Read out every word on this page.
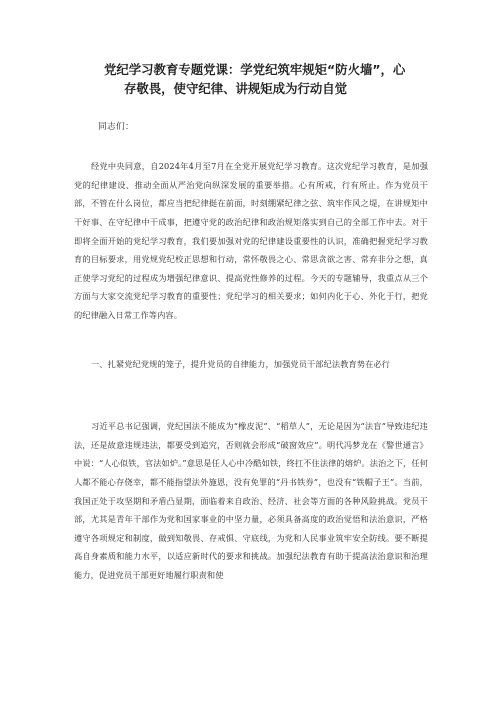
党纪学习教育专题党课：学党纪筑牢规矩“防火墙”，心
存敬畏，使守纪律、讲规矩成为行动自觉
同志们：

经党中央同意，自2024年4月至7月在全党开展党纪学习教育。这次党纪学习教育，是加强党的纪律建设、推动全面从严治党向纵深发展的重要举措。心有所戒，行有所止。作为党员干部，不管在什么岗位，都应当把纪律挺在前面，时刻绷紧纪律之弦、筑牢作风之堤，在讲规矩中干好事、在守纪律中干成事，把遵守党的政治纪律和政治规矩落实到自己的全部工作中去。对于即将全面开始的党纪学习教育，我们要加强对党的纪律建设重要性的认识，准确把握党纪学习教育的目标要求，用党规党纪校正思想和行动，常怀敬畏之心、常思贪欲之害、常弃非分之想，真正使学习党纪的过程成为增强纪律意识、提高党性修养的过程。今天的专题辅导，我重点从三个方面与大家交流党纪学习教育的重要性；党纪学习的相关要求；如何内化于心、外化于行，把党的纪律融入日常工作等内容。

一、扎紧党纪党规的笼子，提升党员的自律能力，加强党员干部纪法教育势在必行

习近平总书记强调，党纪国法不能成为“橡皮泥”、“稻草人”，无论是因为“法盲”导致违纪违法，还是故意违规违法，都要受到追究，否则就会形成“破窗效应”。明代冯梦龙在《警世通言》中说：“人心似铁，官法如炉。”意思是任人心中冷酷如铁，终扛不住法律的熔炉。法治之下，任何人都不能心存侥幸，都不能指望法外施恩，没有免罪的“丹书铁券”，也没有“铁帽子王”。当前，我国正处于攻坚期和矛盾凸显期，面临着来自政治、经济、社会等方面的各种风险挑战。党员干部，尤其是青年干部作为党和国家事业的中坚力量，必须具备高度的政治觉悟和法治意识，严格遵守各项规定和制度，做到知敬畏、存戒惧、守底线，为党和人民事业筑牢安全防线。要不断提高自身素质和能力水平，以适应新时代的要求和挑战。加强纪法教育有助于提高法治意识和治理能力，促进党员干部更好地履行职责和使
